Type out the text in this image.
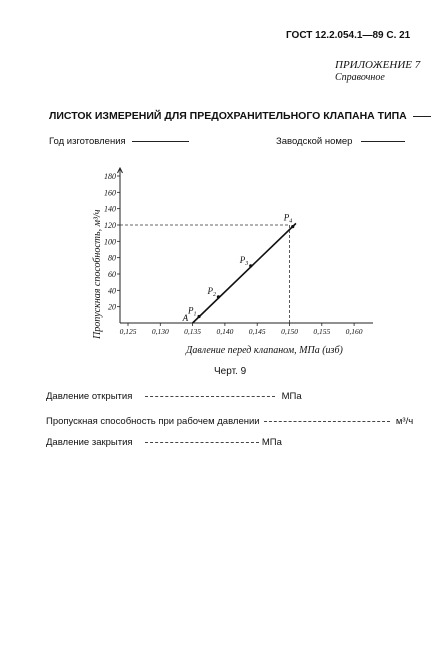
ГОСТ 12.2.054.1—89 С. 21
ПРИЛОЖЕНИЕ 7
Справочное
ЛИСТОК ИЗМЕРЕНИЙ ДЛЯ ПРЕДОХРАНИТЕЛЬНОГО КЛАПАНА ТИПА
Год изготовления	Заводской номер
20
40
60
80
100
120
140
160
180
0,125 0,130 0,135 0,140 0,145 0,150 0,155 0,160
A
$P_1$
$P_2$
$P_3$
$P_4$
Пропускная способность, м³/ч
Давление перед клапаном, МПа (изб)
Черт. 9
Давление открытия	МПа
Пропускная способность при рабочем давлении	м³/ч
Давление закрытия	МПа
